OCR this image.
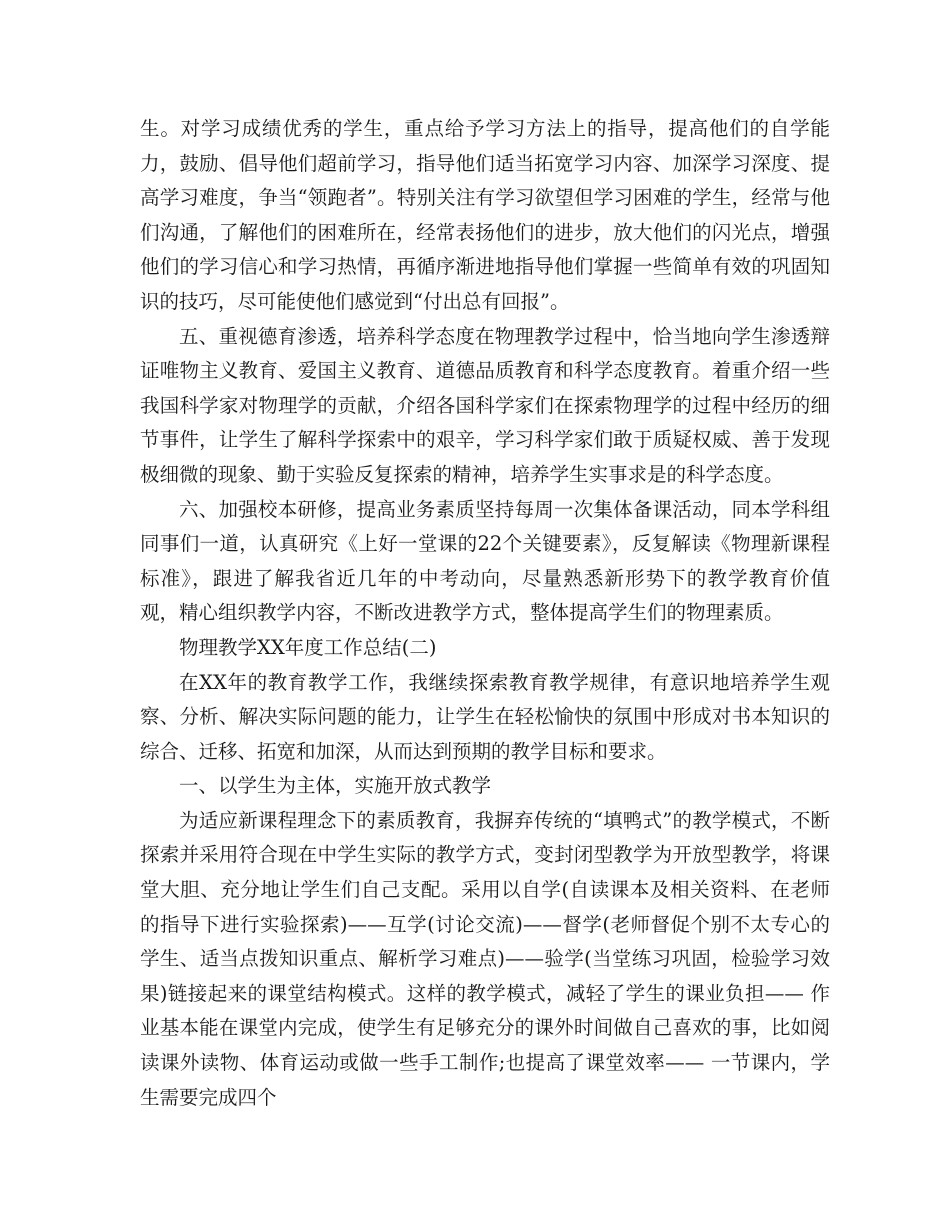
生。对学习成绩优秀的学生，重点给予学习方法上的指导，提高他们的自学能力，鼓励、倡导他们超前学习，指导他们适当拓宽学习内容、加深学习深度、提高学习难度，争当“领跑者”。特别关注有学习欲望但学习困难的学生，经常与他们沟通，了解他们的困难所在，经常表扬他们的进步，放大他们的闪光点，增强他们的学习信心和学习热情，再循序渐进地指导他们掌握一些简单有效的巩固知识的技巧，尽可能使他们感觉到“付出总有回报”。

五、重视德育渗透，培养科学态度在物理教学过程中，恰当地向学生渗透辩证唯物主义教育、爱国主义教育、道德品质教育和科学态度教育。着重介绍一些我国科学家对物理学的贡献，介绍各国科学家们在探索物理学的过程中经历的细节事件，让学生了解科学探索中的艰辛，学习科学家们敢于质疑权威、善于发现极细微的现象、勤于实验反复探索的精神，培养学生实事求是的科学态度。

六、加强校本研修，提高业务素质坚持每周一次集体备课活动，同本学科组同事们一道，认真研究《上好一堂课的22个关键要素》，反复解读《物理新课程标准》，跟进了解我省近几年的中考动向，尽量熟悉新形势下的教学教育价值观，精心组织教学内容，不断改进教学方式，整体提高学生们的物理素质。

物理教学XX年度工作总结(二)

在XX年的教育教学工作，我继续探索教育教学规律，有意识地培养学生观察、分析、解决实际问题的能力，让学生在轻松愉快的氛围中形成对书本知识的综合、迁移、拓宽和加深，从而达到预期的教学目标和要求。

一、以学生为主体，实施开放式教学

为适应新课程理念下的素质教育，我摒弃传统的“填鸭式”的教学模式，不断探索并采用符合现在中学生实际的教学方式，变封闭型教学为开放型教学，将课堂大胆、充分地让学生们自己支配。采用以自学(自读课本及相关资料、在老师的指导下进行实验探索)——互学(讨论交流)——督学(老师督促个别不太专心的学生、适当点拨知识重点、解析学习难点)——验学(当堂练习巩固，检验学习效果)链接起来的课堂结构模式。这样的教学模式，减轻了学生的课业负担—— 作业基本能在课堂内完成，使学生有足够充分的课外时间做自己喜欢的事，比如阅读课外读物、体育运动或做一些手工制作;也提高了课堂效率—— 一节课内，学生需要完成四个
